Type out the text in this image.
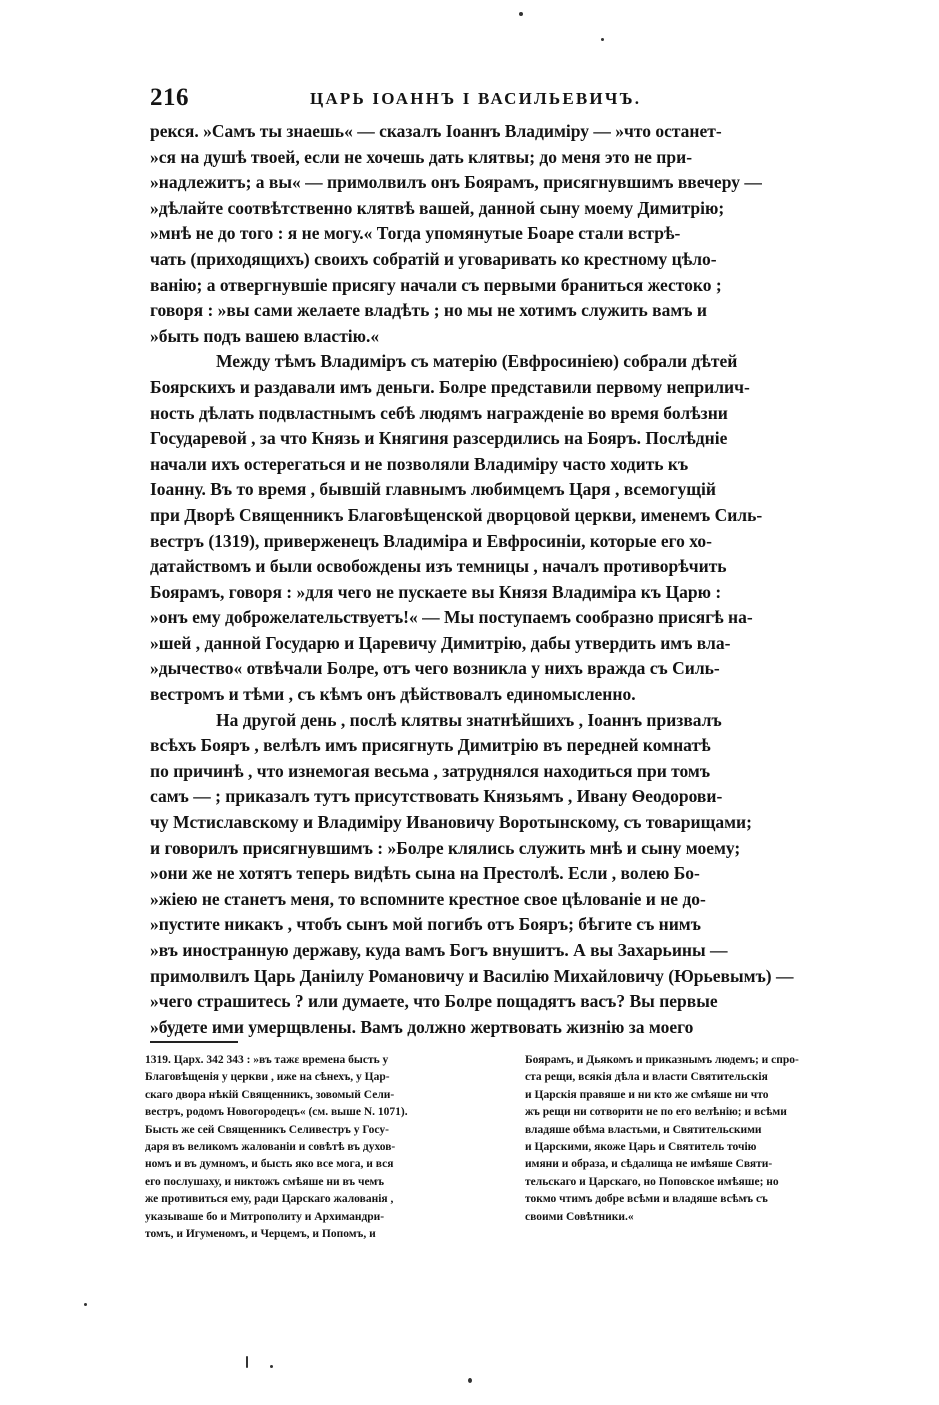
216	ЦАРЬ ІОАННЪ І ВАСИЛЬЕВИЧЪ.
рекся. »Самъ ты знаешь« — сказалъ Іоаннъ Владиміру — »что останет-
»ся на душѣ твоей, если не хочешь дать клятвы; до меня это не при-
»надлежитъ; а вы« — примолвилъ онъ Боярамъ, присягнувшимъ ввечеру —
»дѣлайте соотвѣтственно клятвѣ вашей, данной сыну моему Димитрію;
»мнѣ не до того : я не могу.« Тогда упомянутые Боаре стали встрѣ-
чать (приходящихъ) своихъ собратій и уговаривать ко крестному цѣло-
ванію; а отвергнувшіе присягу начали съ первыми браниться жестоко ;
говоря : »вы сами желаете владѣть ; но мы не хотимъ служить вамъ и
»быть подъ вашею властію.«
Между тѣмъ Владиміръ съ матерію (Евфросиніею) собрали дѣтей
Боярскихъ и раздавали имъ деньги. Болре представили первому неприлич-
ность дѣлать подвластнымъ себѣ людямъ награжденіе во время болѣзни
Государевой , за что Князь и Княгиня разсердились на Бояръ. Послѣдніе
начали ихъ остерегаться и не позволяли Владиміру часто ходить къ
Іоанну. Въ то время , бывшій главнымъ любимцемъ Царя , всемогущій
при Дворѣ Священникъ Благовѣщенской дворцовой церкви, именемъ Силь-
вестръ (1319), приверженецъ Владиміра и Евфросиніи, которые его хо-
датайствомъ и были освобождены изъ темницы , началъ противорѣчить
Боярамъ, говоря : »для чего не пускаете вы Князя Владиміра къ Царю :
»онъ ему доброжелательствуетъ!« — Мы поступаемъ сообразно присягѣ на-
»шей , данной Государю и Царевичу Димитрію, дабы утвердить имъ вла-
»дычество« отвѣчали Болре, отъ чего возникла у нихъ вражда съ Силь-
вестромъ и тѣми , съ кѣмъ онъ дѣйствовалъ единомысленно.
На другой день , послѣ клятвы знатнѣйшихъ , Іоаннъ призвалъ
всѣхъ Бояръ , велѣлъ имъ присягнуть Димитрію въ передней комнатѣ
по причинѣ , что изнемогая весьма , затруднялся находиться при томъ
самъ — ; приказалъ тутъ присутствовать Князьямъ , Ивану Ѳеодорови-
чу Мстиславскому и Владиміру Ивановичу Воротынскому, съ товарищами;
и говорилъ присягнувшимъ : »Болре клялись служить мнѣ и сыну моему;
»они же не хотятъ теперь видѣть сына на Престолѣ. Если , волею Бо-
»жіею не станетъ меня, то вспомните крестное свое цѣлованіе и не до-
»пустите никакъ , чтобъ сынъ мой погибъ отъ Бояръ; бѣгите съ нимъ
»въ иностранную державу, куда вамъ Богъ внушитъ. А вы Захарьины —
примолвилъ Царь Даніилу Романовичу и Василію Михайловичу (Юрьевымъ) —
»чего страшитесь ? или думаете, что Болре пощадятъ васъ? Вы первые
»будете ими умерщвлены. Вамъ должно жертвовать жизнію за моего
1319. Царх. 342 343 : »въ тажε времена бысть у
Благовѣщенія у церкви , иже на сѣнехъ, у Цар-
скаго двора нѣкій Священникъ, зовомый Сели-
вестръ, родомъ Новогородецъ« (см. выше N. 1071).
Бысть же сей Священникъ Селивестръ у Госу-
даря въ великомъ жалованіи и совѣтѣ въ духов-
номъ и въ думномъ, и бысть яко все мога, и вся
его послушаху, и никтожъ смѣяше ни въ чемъ
же противиться ему, ради Царскаго жалованія ,
указываше бо и Митрополиту и Архимандри-
томъ, и Игуменомъ, и Черцемъ, и Попомъ, и
Боярамъ, и Дьякомъ и приказнымъ людемъ; и спро-
ста рещи, всякія дѣла и власти Святительскія
и Царскія правяше и ни кто же смѣяше ни что
жъ рещи ни сотворити не по его велѣнію; и всѣми
владяше обѣма властьми, и Святительскими
и Царскими, якоже Царь и Святитель точію
имяни и образа, и сѣдалища не имѣяше Святи-
тельскаго и Царскаго, но Поповское имѣяше; но
токмо чтимъ добре всѣми и владяше всѣмъ съ
своими Совѣтники.«
